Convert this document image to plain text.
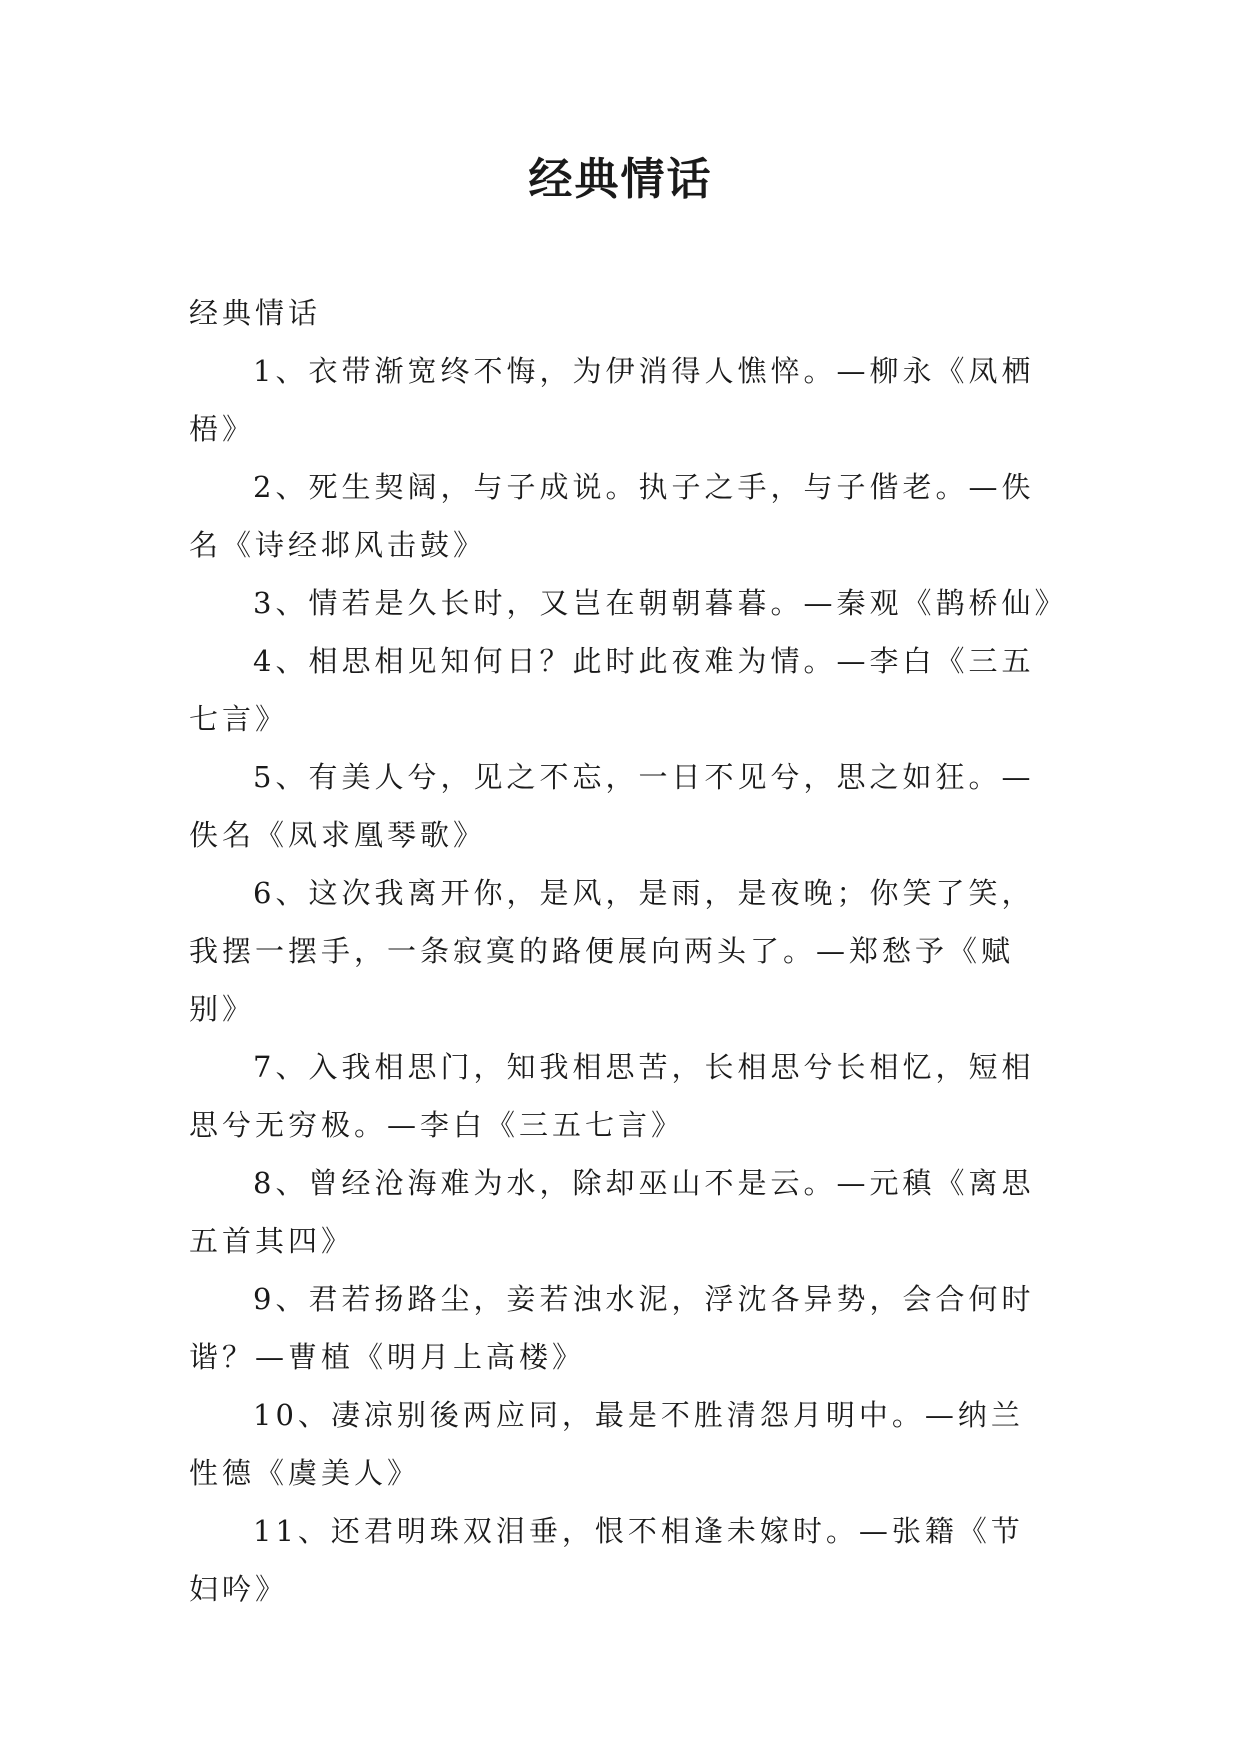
经典情话

经典情话

1、衣带渐宽终不悔，为伊消得人憔悴。—柳永《凤栖梧》

2、死生契阔，与子成说。执子之手，与子偕老。—佚名《诗经邶风击鼓》

3、情若是久长时，又岂在朝朝暮暮。—秦观《鹊桥仙》

4、相思相见知何日？此时此夜难为情。—李白《三五七言》

5、有美人兮，见之不忘，一日不见兮，思之如狂。—佚名《凤求凰琴歌》

6、这次我离开你，是风，是雨，是夜晚；你笑了笑，我摆一摆手，一条寂寞的路便展向两头了。—郑愁予《赋别》

7、入我相思门，知我相思苦，长相思兮长相忆，短相思兮无穷极。—李白《三五七言》

8、曾经沧海难为水，除却巫山不是云。—元稹《离思五首其四》

9、君若扬路尘，妾若浊水泥，浮沈各异势，会合何时谐？—曹植《明月上高楼》

10、凄凉别後两应同，最是不胜清怨月明中。—纳兰性德《虞美人》

11、还君明珠双泪垂，恨不相逢未嫁时。—张籍《节妇吟》
